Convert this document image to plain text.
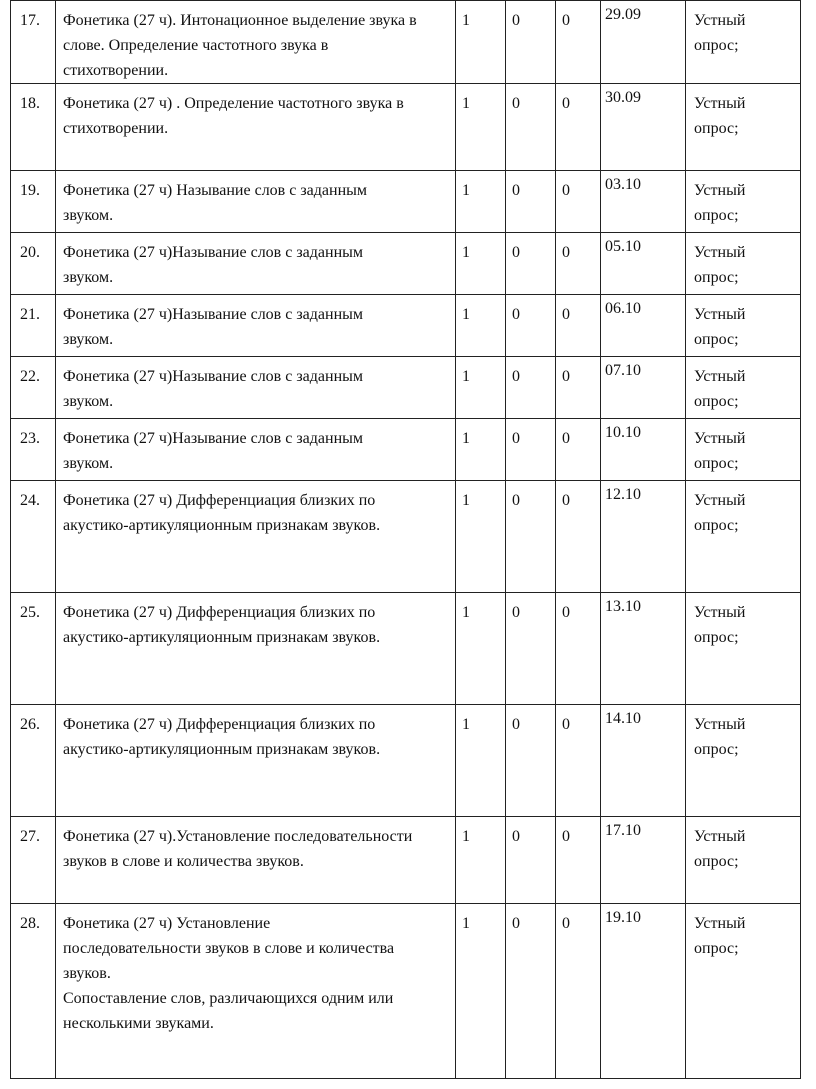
17.	Фонетика (27 ч). Интонационное выделение звука в
слове. Определение частотного звука в
стихотворении.	1	0	0	29.09	Устный
опрос;

18.	Фонетика (27 ч) . Определение частотного звука в
стихотворении.	1	0	0	30.09	Устный
опрос;

19.	Фонетика (27 ч) Называние слов с заданным
звуком.	1	0	0	03.10	Устный
опрос;

20.	Фонетика (27 ч)Называние слов с заданным
звуком.	1	0	0	05.10	Устный
опрос;

21.	Фонетика (27 ч)Называние слов с заданным
звуком.	1	0	0	06.10	Устный
опрос;

22.	Фонетика (27 ч)Называние слов с заданным
звуком.	1	0	0	07.10	Устный
опрос;

23.	Фонетика (27 ч)Называние слов с заданным
звуком.	1	0	0	10.10	Устный
опрос;

24.	Фонетика (27 ч) Дифференциация близких по
акустико-артикуляционным признакам звуков.	1	0	0	12.10	Устный
опрос;

25.	Фонетика (27 ч) Дифференциация близких по
акустико-артикуляционным признакам звуков.	1	0	0	13.10	Устный
опрос;

26.	Фонетика (27 ч) Дифференциация близких по
акустико-артикуляционным признакам звуков.	1	0	0	14.10	Устный
опрос;

27.	Фонетика (27 ч).Установление последовательности
звуков в слове и количества звуков.	1	0	0	17.10	Устный
опрос;

28.	Фонетика (27 ч) Установление
последовательности звуков в слове и количества
звуков.
Сопоставление слов, различающихся одним или
несколькими звуками.	1	0	0	19.10	Устный
опрос;
